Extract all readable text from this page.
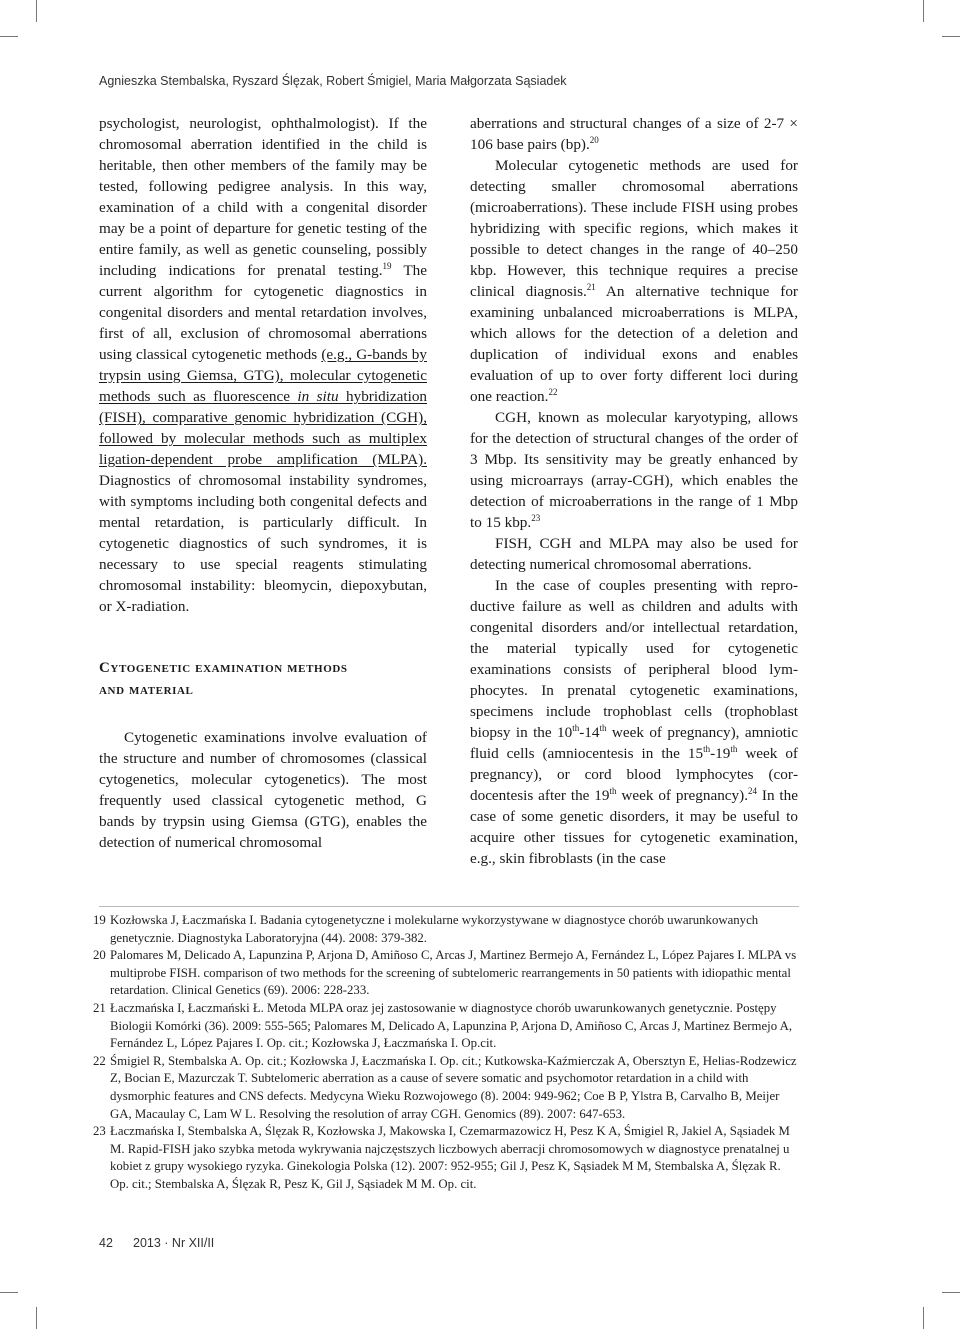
Agnieszka Stembalska, Ryszard Ślęzak, Robert Śmigiel, Maria Małgorzata Sąsiadek

psychologist, neurologist, ophthalmologist). If the chromosomal aberration identified in the child is heritable, then other members of the family may be tested, following pedigree analysis. In this way, examination of a child with a congenital disorder may be a point of departure for genetic testing of the entire family, as well as genetic counseling, possibly including indications for prenatal testing.$^{19}$ The current algorithm for cytogenetic diagnostics in congenital disorders and mental retardation involves, first of all, exclusion of chromosomal aberrations using classical cytogenetic methods (e.g., G-bands by trypsin using Giemsa, GTG), molecular cytogenetic methods such as fluorescence in situ hybridization (FISH), comparative genomic hybridization (CGH), followed by molecular methods such as multiplex ligation-dependent probe amplification (MLPA). Diagnostics of chromosomal instability syndromes, with symptoms including both congenital defects and mental retardation, is particularly difficult. In cytogenetic diagnostics of such syndromes, it is necessary to use special reagents stimulating chromosomal instability: bleomycin, diepoxybutan, or X-radiation.

Cytogenetic examination methods
and material

Cytogenetic examinations involve evaluation of the structure and number of chromosomes (classical cytogenetics, molecular cytogenetics). The most frequently used classical cytogenetic method, G bands by trypsin using Giemsa (GTG), enables the detection of numerical chromosomal

aberrations and structural changes of a size of 2-7 × 106 base pairs (bp).$^{20}$

Molecular cytogenetic methods are used for detecting smaller chromosomal aberrations (microaberrations). These include FISH using probes hybridizing with specific regions, which makes it possible to detect changes in the range of 40–250 kbp. However, this technique requires a precise clinical diagnosis.$^{21}$ An alternative technique for examining unbalanced microaberrations is MLPA, which allows for the detection of a deletion and duplication of individual exons and enables evaluation of up to over forty different loci during one reaction.$^{22}$

CGH, known as molecular karyotyping, allows for the detection of structural changes of the order of 3 Mbp. Its sensitivity may be greatly enhanced by using microarrays (array-CGH), which enables the detection of microaberrations in the range of 1 Mbp to 15 kbp.$^{23}$

FISH, CGH and MLPA may also be used for detecting numerical chromosomal aberrations.

In the case of couples presenting with reproductive failure as well as children and adults with congenital disorders and/or intellectual retardation, the material typically used for cytogenetic examinations consists of peripheral blood lymphocytes. In prenatal cytogenetic examinations, specimens include trophoblast cells (trophoblast biopsy in the 10th-14th week of pregnancy), amniotic fluid cells (amniocentesis in the 15th-19th week of pregnancy), or cord blood lymphocytes (cordocentesis after the 19th week of pregnancy).$^{24}$ In the case of some genetic disorders, it may be useful to acquire other tissues for cytogenetic examination, e.g., skin fibroblasts (in the case

19 Kozłowska J, Łaczmańska I. Badania cytogenetyczne i molekularne wykorzystywane w diagnostyce chorób uwarunkowanych genetycznie. Diagnostyka Laboratoryjna (44). 2008: 379-382.

20 Palomares M, Delicado A, Lapunzina P, Arjona D, Amiñoso C, Arcas J, Martinez Bermejo A, Fernández L, López Pajares I. MLPA vs multiprobe FISH. comparison of two methods for the screening of subtelomeric rearrangements in 50 patients with idiopathic mental retardation. Clinical Genetics (69). 2006: 228-233.

21 Łaczmańska I, Łaczmański Ł. Metoda MLPA oraz jej zastosowanie w diagnostyce chorób uwarunkowanych genetycznie. Postępy Biologii Komórki (36). 2009: 555-565; Palomares M, Delicado A, Lapunzina P, Arjona D, Amiñoso C, Arcas J, Martinez Bermejo A, Fernández L, López Pajares I. Op. cit.; Kozłowska J, Łaczmańska I. Op.cit.

22 Śmigiel R, Stembalska A. Op. cit.; Kozłowska J, Łaczmańska I. Op. cit.; Kutkowska-Kaźmierczak A, Obersztyn E, Helias-Rodzewicz Z, Bocian E, Mazurczak T. Subtelomeric aberration as a cause of severe somatic and psychomotor retardation in a child with dysmorphic features and CNS defects. Medycyna Wieku Rozwojowego (8). 2004: 949-962; Coe B P, Ylstra B, Carvalho B, Meijer GA, Macaulay C, Lam W L. Resolving the resolution of array CGH. Genomics (89). 2007: 647-653.

23 Łaczmańska I, Stembalska A, Ślęzak R, Kozłowska J, Makowska I, Czemarmazowicz H, Pesz K A, Śmigiel R, Jakiel A, Sąsiadek M M. Rapid-FISH jako szybka metoda wykrywania najczęstszych liczbowych aberracji chromosomowych w diagnostyce prenatalnej u kobiet z grupy wysokiego ryzyka. Ginekologia Polska (12). 2007: 952-955; Gil J, Pesz K, Sąsiadek M M, Stembalska A, Ślęzak R. Op. cit.; Stembalska A, Ślęzak R, Pesz K, Gil J, Sąsiadek M M. Op. cit.

42 2013 · Nr XII/II
